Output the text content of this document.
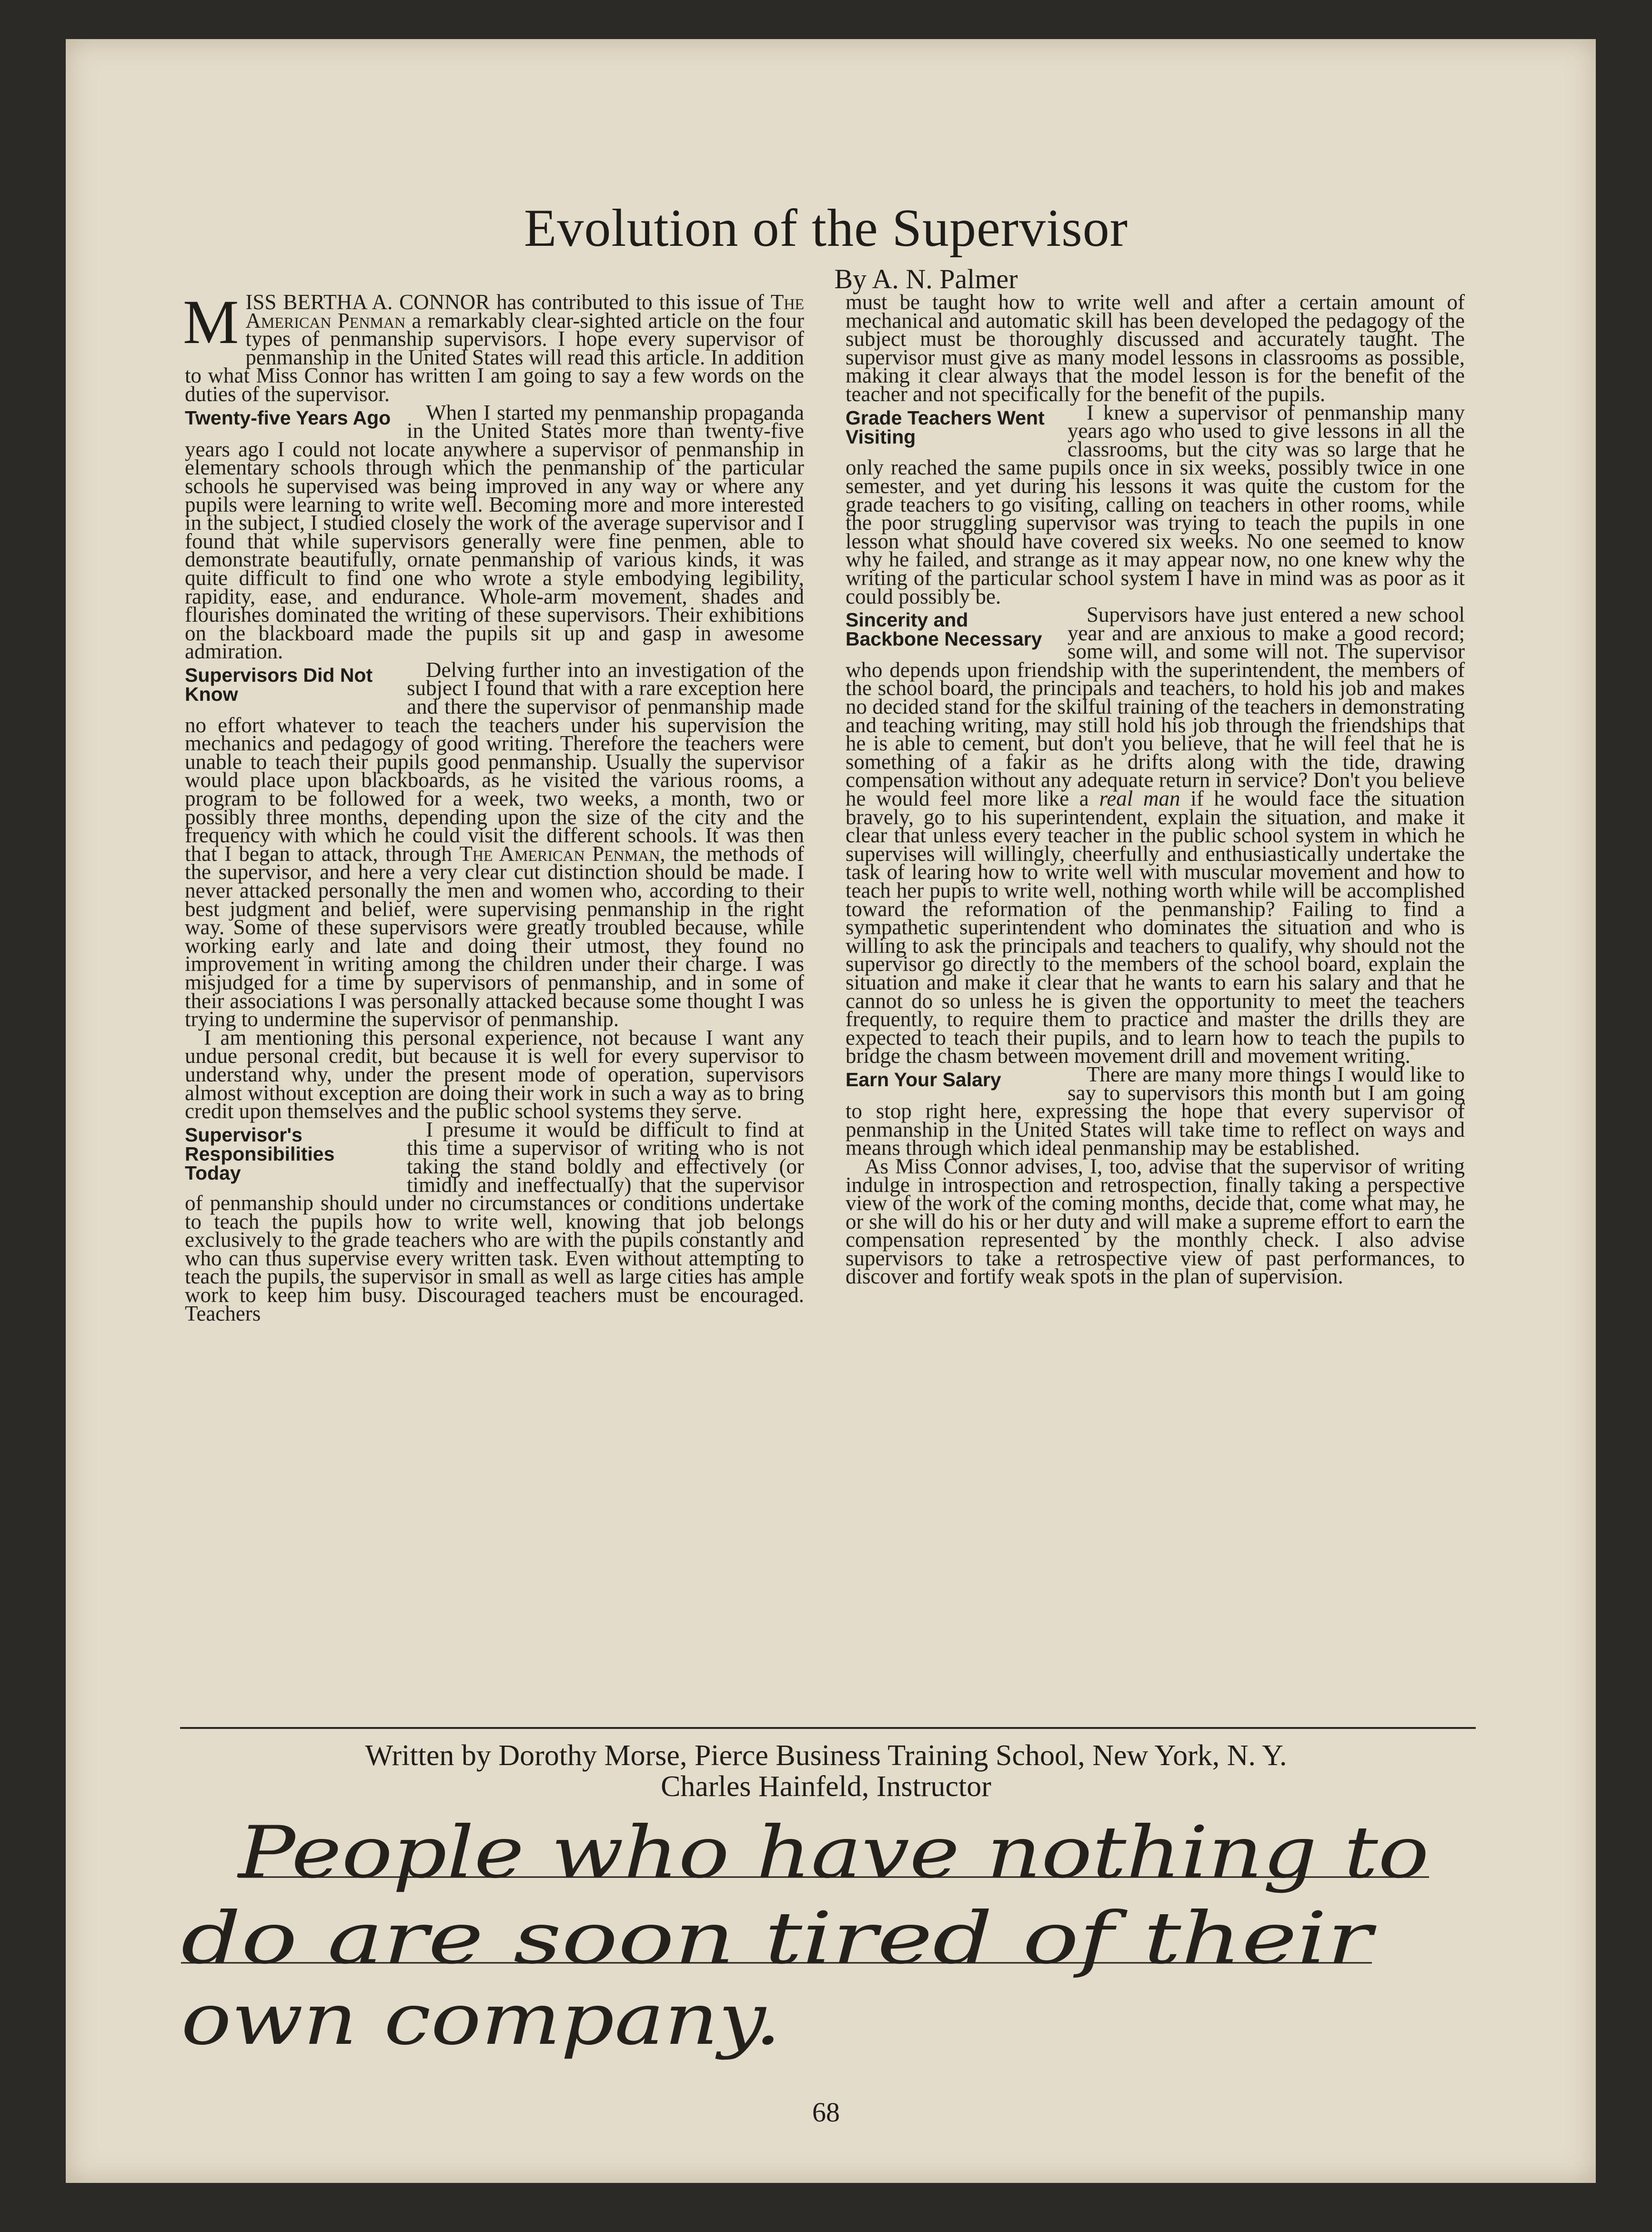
Evolution of the Supervisor
By A. N. Palmer

MISS BERTHA A. CONNOR has contributed to this issue of The American Penman a remarkably clear-sighted article on the four types of penmanship supervisors. I hope every supervisor of penmanship in the United States will read this article. In addition to what Miss Connor has written I am going to say a few words on the duties of the supervisor.

Twenty-five Years Ago When I started my penmanship propaganda in the United States more than twenty-five years ago I could not locate anywhere a supervisor of penmanship in elementary schools through which the penmanship of the particular schools he supervised was being improved in any way or where any pupils were learning to write well. Becoming more and more interested in the subject, I studied closely the work of the average supervisor and I found that while supervisors generally were fine penmen, able to demonstrate beautifully, ornate penmanship of various kinds, it was quite difficult to find one who wrote a style embodying legibility, rapidity, ease, and endurance. Whole-arm movement, shades and flourishes dominated the writing of these supervisors. Their exhibitions on the blackboard made the pupils sit up and gasp in awesome admiration.

Supervisors Did Not Know
Delving further into an investigation of the subject I found that with a rare exception here and there the supervisor of penmanship made no effort whatever to teach the teachers under his supervision the mechanics and pedagogy of good writing. Therefore the teachers were unable to teach their pupils good penmanship. Usually the supervisor would place upon blackboards, as he visited the various rooms, a program to be followed for a week, two weeks, a month, two or possibly three months, depending upon the size of the city and the frequency with which he could visit the different schools. It was then that I began to attack, through The American Penman, the methods of the supervisor, and here a very clear cut distinction should be made. I never attacked personally the men and women who, according to their best judgment and belief, were supervising penmanship in the right way. Some of these supervisors were greatly troubled because, while working early and late and doing their utmost, they found no improvement in writing among the children under their charge. I was misjudged for a time by supervisors of penmanship, and in some of their associations I was personally attacked because some thought I was trying to undermine the supervisor of penmanship.

I am mentioning this personal experience, not because I want any undue personal credit, but because it is well for every supervisor to understand why, under the present mode of operation, supervisors almost without exception are doing their work in such a way as to bring credit upon themselves and the public school systems they serve.

Supervisor's Responsibilities Today
I presume it would be difficult to find at this time a supervisor of writing who is not taking the stand boldly and effectively (or timidly and ineffectually) that the supervisor of penmanship should under no circumstances or conditions undertake to teach the pupils how to write well, knowing that job belongs exclusively to the grade teachers who are with the pupils constantly and who can thus supervise every written task. Even without attempting to teach the pupils, the supervisor in small as well as large cities has ample work to keep him busy. Discouraged teachers must be encouraged. Teachers

must be taught how to write well and after a certain amount of mechanical and automatic skill has been developed the pedagogy of the subject must be thoroughly discussed and accurately taught. The supervisor must give as many model lessons in classrooms as possible, making it clear always that the model lesson is for the benefit of the teacher and not specifically for the benefit of the pupils.

Grade Teachers Went Visiting
I knew a supervisor of penmanship many years ago who used to give lessons in all the classrooms, but the city was so large that he only reached the same pupils once in six weeks, possibly twice in one semester, and yet during his lessons it was quite the custom for the grade teachers to go visiting, calling on teachers in other rooms, while the poor struggling supervisor was trying to teach the pupils in one lesson what should have covered six weeks. No one seemed to know why he failed, and strange as it may appear now, no one knew why the writing of the particular school system I have in mind was as poor as it could possibly be.

Sincerity and Backbone Necessary
Supervisors have just entered a new school year and are anxious to make a good record; some will, and some will not. The supervisor who depends upon friendship with the superintendent, the members of the school board, the principals and teachers, to hold his job and makes no decided stand for the skilful training of the teachers in demonstrating and teaching writing, may still hold his job through the friendships that he is able to cement, but don't you believe, that he will feel that he is something of a fakir as he drifts along with the tide, drawing compensation without any adequate return in service? Don't you believe he would feel more like a real man if he would face the situation bravely, go to his superintendent, explain the situation, and make it clear that unless every teacher in the public school system in which he supervises will willingly, cheerfully and enthusiastically undertake the task of learing how to write well with muscular movement and how to teach her pupis to write well, nothing worth while will be accomplished toward the reformation of the penmanship? Failing to find a sympathetic superintendent who dominates the situation and who is willing to ask the principals and teachers to qualify, why should not the supervisor go directly to the members of the school board, explain the situation and make it clear that he wants to earn his salary and that he cannot do so unless he is given the opportunity to meet the teachers frequently, to require them to practice and master the drills they are expected to teach their pupils, and to learn how to teach the pupils to bridge the chasm between movement drill and movement writing.

Earn Your Salary	There are many more things I would like to say to supervisors this month but I am going to stop right here, expressing the hope that every supervisor of penmanship in the United States will take time to reflect on ways and means through which ideal penmanship may be established.

As Miss Connor advises, I, too, advise that the supervisor of writing indulge in introspection and retrospection, finally taking a perspective view of the work of the coming months, decide that, come what may, he or she will do his or her duty and will make a supreme effort to earn the compensation represented by the monthly check. I also advise supervisors to take a retrospective view of past performances, to discover and fortify weak spots in the plan of supervision.

Written by Dorothy Morse, Pierce Business Training School, New York, N. Y.
Charles Hainfeld, Instructor
People who have nothing to
do are soon tired of their
own company.
68
